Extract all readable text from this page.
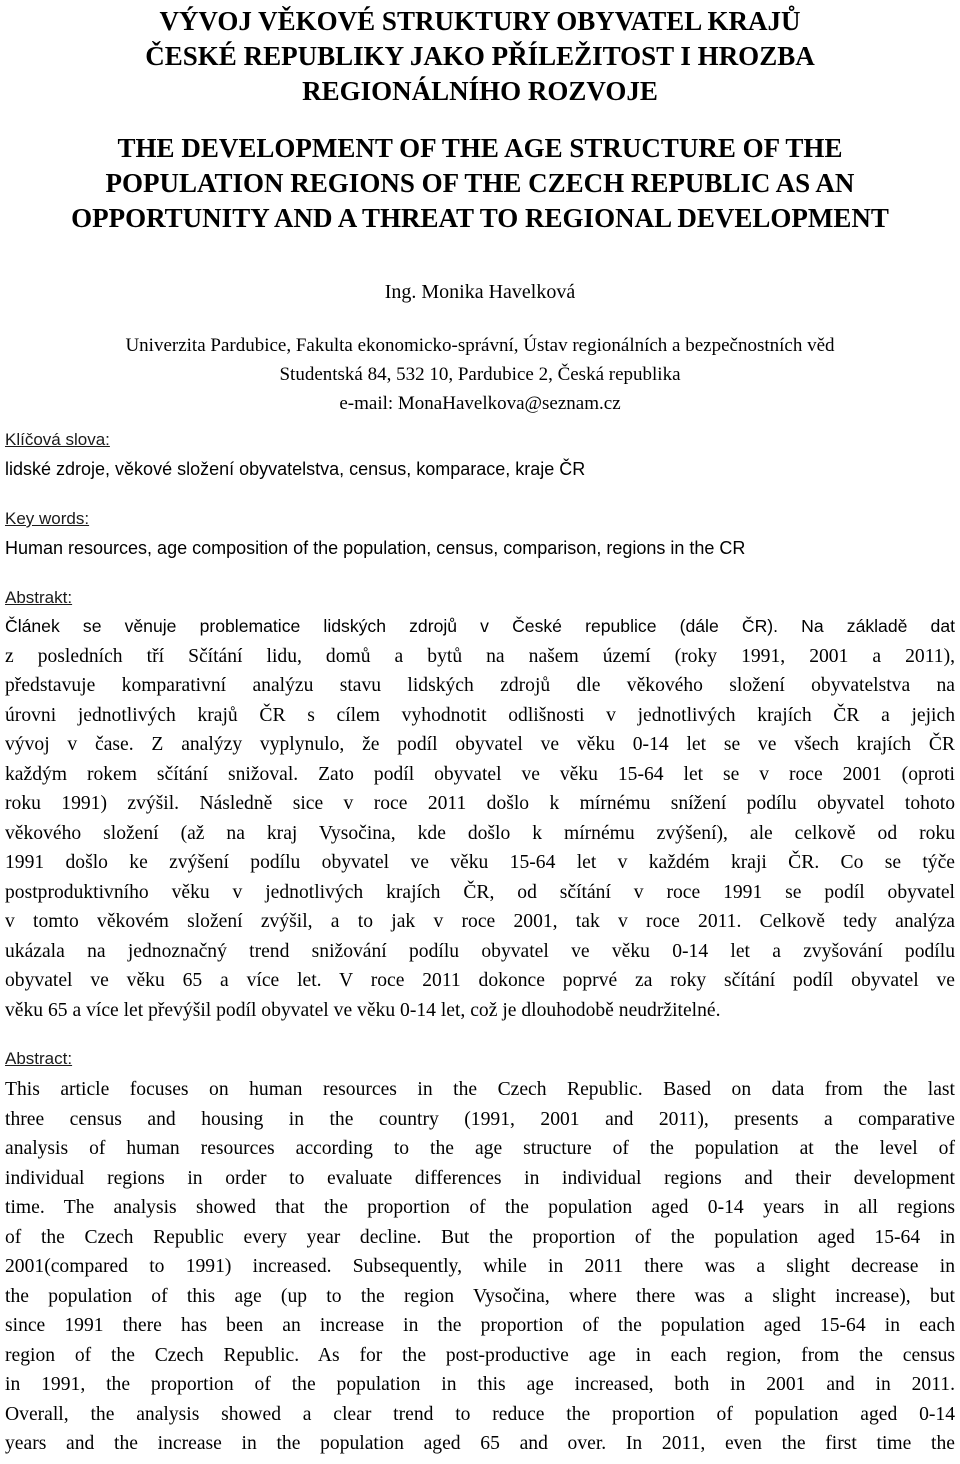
VÝVOJ VĚKOVÉ STRUKTURY OBYVATEL KRAJŮ
ČESKÉ REPUBLIKY JAKO PŘÍLEŽITOST I HROZBA
REGIONÁLNÍHO ROZVOJE
THE DEVELOPMENT OF THE AGE STRUCTURE OF THE
POPULATION REGIONS OF THE CZECH REPUBLIC AS AN
OPPORTUNITY AND A THREAT TO REGIONAL DEVELOPMENT
Ing. Monika Havelková
Univerzita Pardubice, Fakulta ekonomicko-správní, Ústav regionálních a bezpečnostních věd
Studentská 84, 532 10, Pardubice 2, Česká republika
e-mail: MonaHavelkova@seznam.cz
Klíčová slova:
lidské zdroje, věkové složení obyvatelstva, census, komparace, kraje ČR
Key words:
Human resources, age composition of the population, census, comparison, regions in the CR
Abstrakt:
Článek se věnuje problematice lidských zdrojů v České republice (dále ČR). Na základě dat
z posledních tří Sčítání lidu, domů a bytů na našem území (roky 1991, 2001 a 2011),
představuje komparativní analýzu stavu lidských zdrojů dle věkového složení obyvatelstva na
úrovni jednotlivých krajů ČR s cílem vyhodnotit odlišnosti v jednotlivých krajích ČR a jejich
vývoj v čase. Z analýzy vyplynulo, že podíl obyvatel ve věku 0-14 let se ve všech krajích ČR
každým rokem sčítání snižoval. Zato podíl obyvatel ve věku 15-64 let se v roce 2001 (oproti
roku 1991) zvýšil. Následně sice v roce 2011 došlo k mírnému snížení podílu obyvatel tohoto
věkového složení (až na kraj Vysočina, kde došlo k mírnému zvýšení), ale celkově od roku
1991 došlo ke zvýšení podílu obyvatel ve věku 15-64 let v každém kraji ČR. Co se týče
postproduktivního věku v jednotlivých krajích ČR, od sčítání v roce 1991 se podíl obyvatel
v tomto věkovém složení zvýšil, a to jak v roce 2001, tak v roce 2011. Celkově tedy analýza
ukázala na jednoznačný trend snižování podílu obyvatel ve věku 0-14 let a zvyšování podílu
obyvatel ve věku 65 a více let. V roce 2011 dokonce poprvé za roky sčítání podíl obyvatel ve
věku 65 a více let převýšil podíl obyvatel ve věku 0-14 let, což je dlouhodobě neudržitelné.
Abstract:
This article focuses on human resources in the Czech Republic. Based on data from the last
three census and housing in the country (1991, 2001 and 2011), presents a comparative
analysis of human resources according to the age structure of the population at the level of
individual regions in order to evaluate differences in individual regions and their development
time. The analysis showed that the proportion of the population aged 0-14 years in all regions
of the Czech Republic every year decline. But the proportion of the population aged 15-64 in
2001(compared to 1991) increased. Subsequently, while in 2011 there was a slight decrease in
the population of this age (up to the region Vysočina, where there was a slight increase), but
since 1991 there has been an increase in the proportion of the population aged 15-64 in each
region of the Czech Republic. As for the post-productive age in each region, from the census
in 1991, the proportion of the population in this age increased, both in 2001 and in 2011.
Overall, the analysis showed a clear trend to reduce the proportion of population aged 0-14
years and the increase in the population aged 65 and over. In 2011, even the first time the
